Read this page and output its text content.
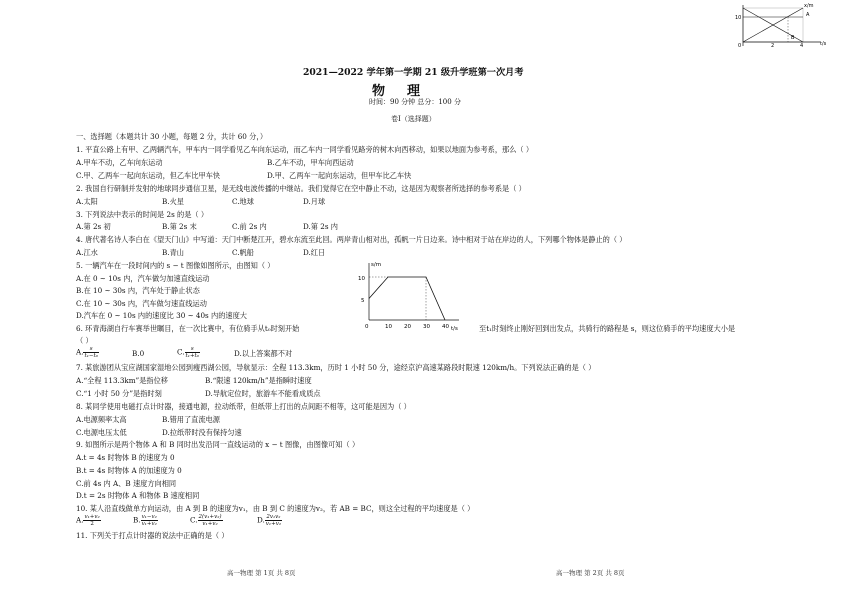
x/m
t/s
10
0	2	4
A
B
2021—2022 学年第一学期 21 级升学班第一次月考
物理
时间：90 分钟 总分：100 分
卷Ⅰ（选择题）
一、选择题（本题共计 30 小题，每题 2 分，共计 60 分，）
1. 平直公路上有甲、乙两辆汽车，甲车内一同学看见乙车向东运动，而乙车内一同学看见路旁的树木向西移动，如果以地面为参考系，那么（ ）
A.甲车不动，乙车向东运动	B.乙车不动，甲车向西运动
C.甲、乙两车一起向东运动，但乙车比甲车快	D.甲、乙两车一起向东运动，但甲车比乙车快
2. 我国自行研制并发射的地球同步通信卫星，是无线电波传播的中继站。我们觉得它在空中静止不动，这是因为观察者所选择的参考系是（ ）
A.太阳	B.火星	C.地球	D.月球
3. 下列说法中表示的时间是 2s 的是（ ）
A.第 2s 初	B.第 2s 末	C.前 2s 内	D.第 2s 内
4. 唐代著名诗人李白在《望天门山》中写道：天门中断楚江开，碧水东流至此回。两岸青山相对出，孤帆一片日边来。诗中相对于站在岸边的人，下列哪个物体是静止的（ ）
A.江水	B.青山	C.帆船	D.红日
5. 一辆汽车在一段时间内的 s − t 图像如图所示，由图知（ ）
A.在 0 ~ 10s 内，汽车做匀加速直线运动
B.在 10 ~ 30s 内，汽车处于静止状态
C.在 10 ~ 30s 内，汽车做匀速直线运动
D.汽车在 0 ~ 10s 内的速度比 30 ~ 40s 内的速度大
s/m
t/s
10
5
0	10 20 30 40
6. 环青海湖自行车赛举世瞩目，在一次比赛中，有位骑手从t₀时刻开始	至t₁时刻终止刚好回到出发点，共骑行的路程是 s，则这位骑手的平均速度大小是
（ ）
A. $\frac{s}{\text{t₁−t₀}}$	B.0	C. $\frac{s}{\text{t₁+t₀}}$	D.以上答案都不对
7. 某旅游团从宝应湖国家湿地公园到瘦西湖公园，导航显示：全程 113.3km，历时 1 小时 50 分，途经京沪高速某路段时限速 120km/h。下列说法正确的是（ ）
A.“全程 113.3km”是指位移	B.“限速 120km/h”是指瞬时速度
C.“1 小时 50 分”是指时刻	D.导航定位时，旅游车不能看成质点
8. 某同学使用电磁打点计时器，接通电源，拉动纸带，但纸带上打出的点间距不相等，这可能是因为（ ）
A.电源频率太高	B.错用了直流电源
C.电源电压太低	D.拉纸带时没有保持匀速
9. 如图所示是两个物体 A 和 B 同时出发沿同一直线运动的 x − t 图像，由图像可知（ ）
A.t = 4s 时物体 B 的速度为 0
B.t = 4s 时物体 A 的加速度为 0
C.前 4s 内 A、B 速度方向相同
D.t = 2s 时物体 A 和物体 B 速度相同
10. 某人沿直线做单方向运动，由 A 到 B 的速度为v₁，由 B 到 C 的速度为v₂，若 AB = BC，则这全过程的平均速度是（ ）
A. $\frac{\text{v₁+v₂}}{2}$	B. $\frac{\text{v₁−v₂}}{\text{v₁+v₂}}$	C. $\frac{\text{2(v₁+v₂)}}{\text{v₁+v₂}}$	D. $\frac{\text{2v₁v₂}}{\text{v₁+v₂}}$
11. 下列关于打点计时器的说法中正确的是（ ）
高一物理 第 1页 共 8页	高一物理 第 2页 共 8页
